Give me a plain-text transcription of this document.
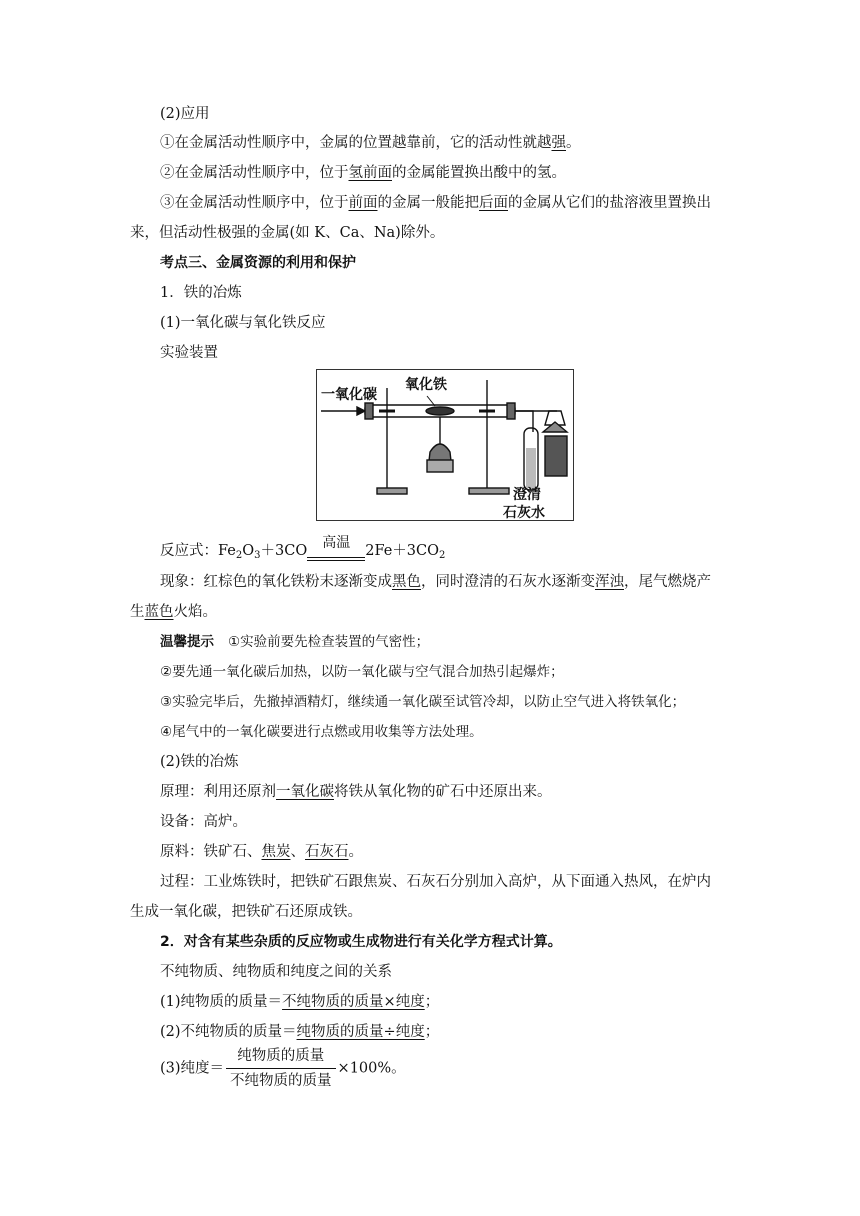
(2)应用
①在金属活动性顺序中，金属的位置越靠前，它的活动性就越强。
②在金属活动性顺序中，位于氢前面的金属能置换出酸中的氢。
③在金属活动性顺序中，位于前面的金属一般能把后面的金属从它们的盐溶液里置换出
来，但活动性极强的金属(如 K、Ca、Na)除外。
考点三、金属资源的利用和保护
1．铁的冶炼
(1)一氧化碳与氧化铁反应
实验装置
一氧化碳
氧化铁
澄清
石灰水
反应式：$Fe_2O_3+3CO$	高温	$2Fe+3CO_2$
现象：红棕色的氧化铁粉末逐渐变成黑色，同时澄清的石灰水逐渐变浑浊，尾气燃烧产
生蓝色火焰。
温馨提示 ①实验前要先检查装置的气密性；
②要先通一氧化碳后加热，以防一氧化碳与空气混合加热引起爆炸；
③实验完毕后，先撤掉酒精灯，继续通一氧化碳至试管冷却，以防止空气进入将铁氧化；
④尾气中的一氧化碳要进行点燃或用收集等方法处理。
(2)铁的冶炼
原理：利用还原剂一氧化碳将铁从氧化物的矿石中还原出来。
设备：高炉。
原料：铁矿石、焦炭、石灰石。
过程：工业炼铁时，把铁矿石跟焦炭、石灰石分别加入高炉，从下面通入热风，在炉内
生成一氧化碳，把铁矿石还原成铁。
2．对含有某些杂质的反应物或生成物进行有关化学方程式计算。
不纯物质、纯物质和纯度之间的关系
(1)纯物质的质量＝不纯物质的质量×纯度；
(2)不纯物质的质量＝纯物质的质量÷纯度；
(3)纯度＝ $\frac{\text{纯物质的质量}}{\text{不纯物质的质量}} \times 100\%$。
